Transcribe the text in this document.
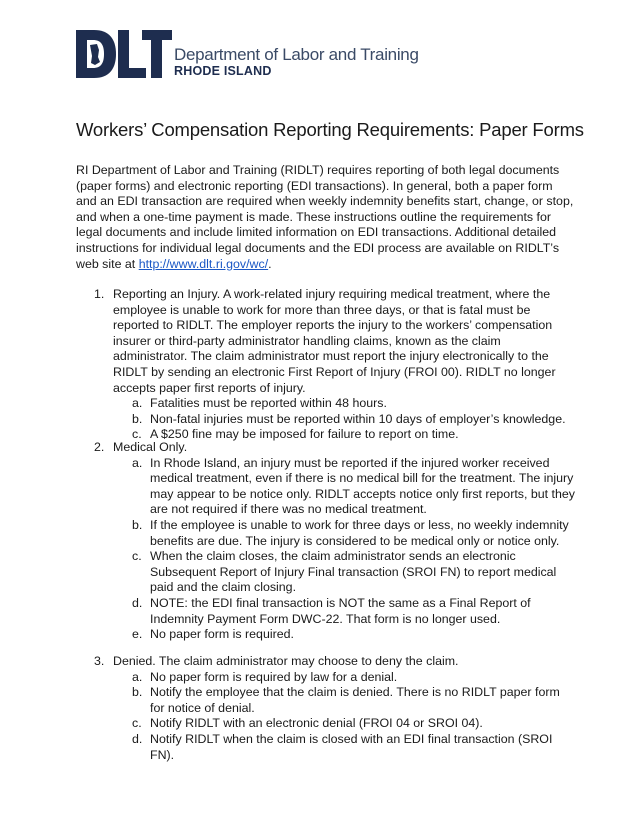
Department of Labor and Training
RHODE ISLAND
Workers’ Compensation Reporting Requirements: Paper Forms

RI Department of Labor and Training (RIDLT) requires reporting of both legal documents (paper forms) and electronic reporting (EDI transactions). In general, both a paper form and an EDI transaction are required when weekly indemnity benefits start, change, or stop, and when a one-time payment is made. These instructions outline the requirements for legal documents and include limited information on EDI transactions. Additional detailed instructions for individual legal documents and the EDI process are available on RIDLT’s web site at http://www.dlt.ri.gov/wc/.

1. Reporting an Injury. A work-related injury requiring medical treatment, where the employee is unable to work for more than three days, or that is fatal must be reported to RIDLT. The employer reports the injury to the workers’ compensation insurer or third-party administrator handling claims, known as the claim administrator. The claim administrator must report the injury electronically to the RIDLT by sending an electronic First Report of Injury (FROI 00). RIDLT no longer accepts paper first reports of injury.
a. Fatalities must be reported within 48 hours.
b. Non-fatal injuries must be reported within 10 days of employer’s knowledge.
c. A $250 fine may be imposed for failure to report on time.
2. Medical Only.
a. In Rhode Island, an injury must be reported if the injured worker received medical treatment, even if there is no medical bill for the treatment. The injury may appear to be notice only. RIDLT accepts notice only first reports, but they are not required if there was no medical treatment.
b. If the employee is unable to work for three days or less, no weekly indemnity benefits are due. The injury is considered to be medical only or notice only.
c. When the claim closes, the claim administrator sends an electronic Subsequent Report of Injury Final transaction (SROI FN) to report medical paid and the claim closing.
d. NOTE: the EDI final transaction is NOT the same as a Final Report of Indemnity Payment Form DWC-22. That form is no longer used.
e. No paper form is required.
3. Denied. The claim administrator may choose to deny the claim.
a. No paper form is required by law for a denial.
b. Notify the employee that the claim is denied. There is no RIDLT paper form for notice of denial.
c. Notify RIDLT with an electronic denial (FROI 04 or SROI 04).
d. Notify RIDLT when the claim is closed with an EDI final transaction (SROI FN).
